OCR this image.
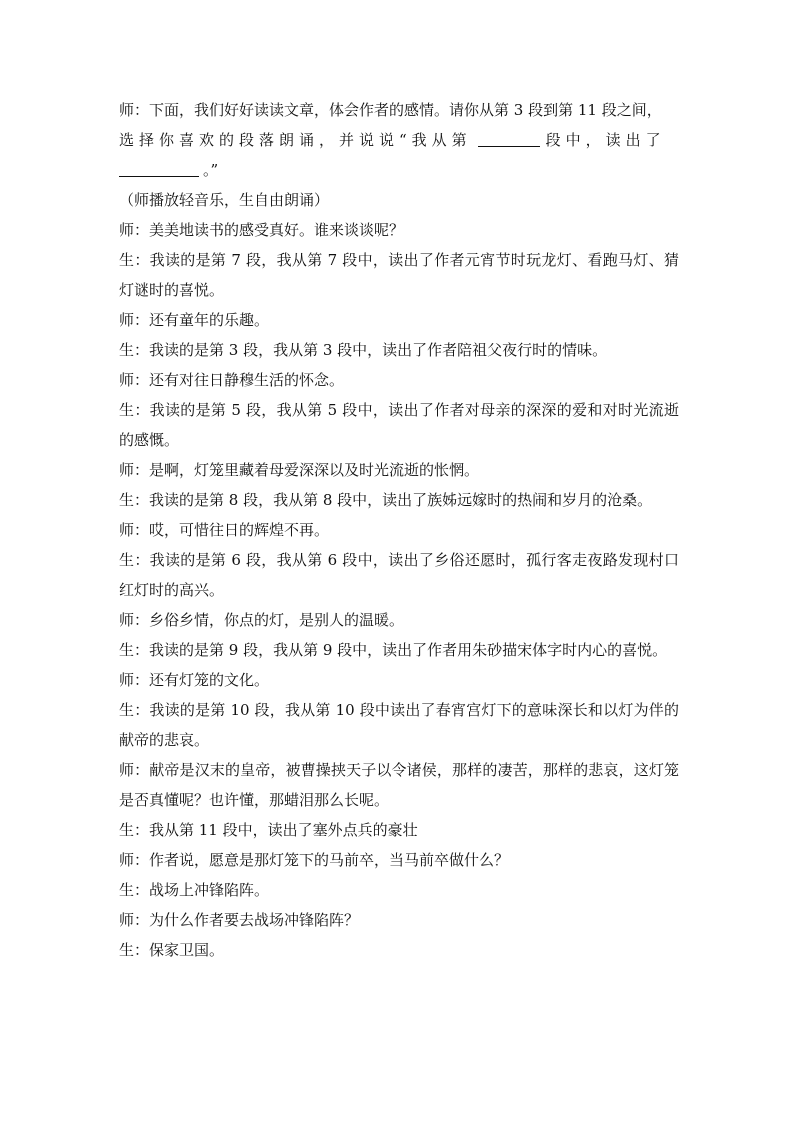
师：下面，我们好好读读文章，体会作者的感情。请你从第 3 段到第 11 段之间，

选择你喜欢的段落朗诵，并说说“我从第	段中，读出了

。”

（师播放轻音乐，生自由朗诵）

师：美美地读书的感受真好。谁来谈谈呢？

生：我读的是第 7 段，我从第 7 段中，读出了作者元宵节时玩龙灯、看跑马灯、猜灯谜时的喜悦。

师：还有童年的乐趣。

生：我读的是第 3 段，我从第 3 段中，读出了作者陪祖父夜行时的情味。

师：还有对往日静穆生活的怀念。

生：我读的是第 5 段，我从第 5 段中，读出了作者对母亲的深深的爱和对时光流逝的感慨。

师：是啊，灯笼里藏着母爱深深以及时光流逝的怅惘。

生：我读的是第 8 段，我从第 8 段中，读出了族姊远嫁时的热闹和岁月的沧桑。

师：哎，可惜往日的辉煌不再。

生：我读的是第 6 段，我从第 6 段中，读出了乡俗还愿时，孤行客走夜路发现村口红灯时的高兴。

师：乡俗乡情，你点的灯，是别人的温暖。

生：我读的是第 9 段，我从第 9 段中，读出了作者用朱砂描宋体字时内心的喜悦。

师：还有灯笼的文化。

生：我读的是第 10 段，我从第 10 段中读出了春宵宫灯下的意味深长和以灯为伴的献帝的悲哀。

师：献帝是汉末的皇帝，被曹操挟天子以令诸侯，那样的凄苦，那样的悲哀，这灯笼是否真懂呢？也许懂，那蜡泪那么长呢。

生：我从第 11 段中，读出了塞外点兵的豪壮

师：作者说，愿意是那灯笼下的马前卒，当马前卒做什么？

生：战场上冲锋陷阵。

师：为什么作者要去战场冲锋陷阵？

生：保家卫国。
